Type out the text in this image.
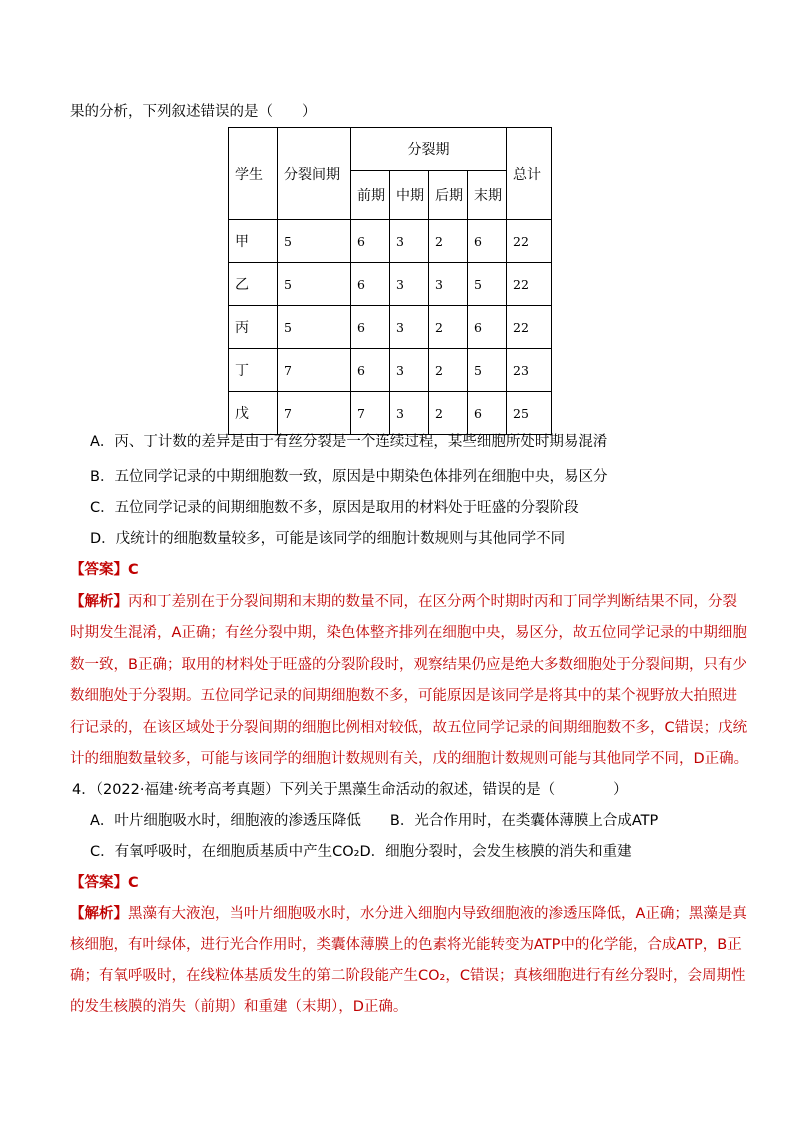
果的分析，下列叙述错误的是（　　）
学生	分裂间期	分裂期				总计
		前期	中期	后期	末期	
甲	5	6	3	2	6	22
乙	5	6	3	3	5	22
丙	5	6	3	2	6	22
丁	7	6	3	2	5	23
戊	7	7	3	2	6	25
A．丙、丁计数的差异是由于有丝分裂是一个连续过程，某些细胞所处时期易混淆
B．五位同学记录的中期细胞数一致，原因是中期染色体排列在细胞中央，易区分
C．五位同学记录的间期细胞数不多，原因是取用的材料处于旺盛的分裂阶段
D．戊统计的细胞数量较多，可能是该同学的细胞计数规则与其他同学不同
【答案】C
【解析】丙和丁差别在于分裂间期和末期的数量不同，在区分两个时期时丙和丁同学判断结果不同，分裂
时期发生混淆，A正确；有丝分裂中期，染色体整齐排列在细胞中央，易区分，故五位同学记录的中期细胞
数一致，B正确；取用的材料处于旺盛的分裂阶段时，观察结果仍应是绝大多数细胞处于分裂间期，只有少
数细胞处于分裂期。五位同学记录的间期细胞数不多，可能原因是该同学是将其中的某个视野放大拍照进
行记录的，在该区域处于分裂间期的细胞比例相对较低，故五位同学记录的间期细胞数不多，C错误；戊统
计的细胞数量较多，可能与该同学的细胞计数规则有关，戊的细胞计数规则可能与其他同学不同，D正确。
4．（2022·福建·统考高考真题）下列关于黑藻生命活动的叙述，错误的是（　　　　）
A．叶片细胞吸水时，细胞液的渗透压降低　　B．光合作用时，在类囊体薄膜上合成ATP
C．有氧呼吸时，在细胞质基质中产生CO₂D．细胞分裂时，会发生核膜的消失和重建
【答案】C
【解析】黑藻有大液泡，当叶片细胞吸水时，水分进入细胞内导致细胞液的渗透压降低，A正确；黑藻是真
核细胞，有叶绿体，进行光合作用时，类囊体薄膜上的色素将光能转变为ATP中的化学能，合成ATP，B正
确；有氧呼吸时，在线粒体基质发生的第二阶段能产生CO₂，C错误；真核细胞进行有丝分裂时，会周期性
的发生核膜的消失（前期）和重建（末期），D正确。
